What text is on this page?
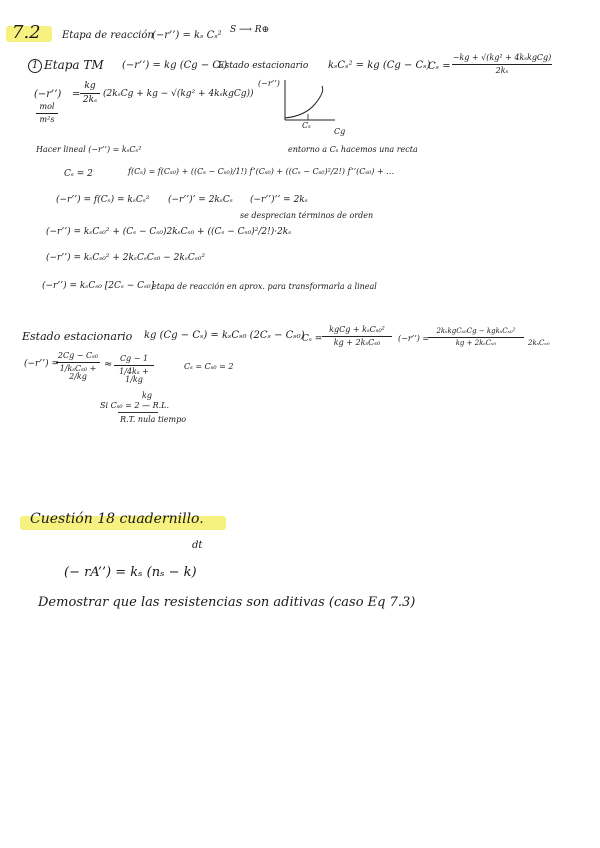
7.2 Etapa de reacción
(−r’’) = kₛ Cₛ² S ⟶ R⊕
1 Etapa TM (−r’’) = kg (Cg − Cₛ)
Estado estacionario kₛCₛ² = kg (Cg − Cₛ)
Cₛ =
−kg + √(kg² + 4kₛkgCg)
2kₛ
(−r’’)
mol
m²s
=
kg
2kₛ
(2kₛCg + kg − √(kg² + 4kₛkgCg))
(−r’’)
Cₛ
Cg
Hacer lineal (−r’’) = kₛCₛ²	entorno a Cₛ hacemos una recta
Cₛ = 2	f(Cₛ) = f(Cₛ₀) + ((Cₛ − Cₛ₀)/1!) f’(Cₛ₀) + ((Cₛ − Cₛ₀)²/2!) f’’(Cₛ₀) + …
(−r’’) = f(Cₛ) = kₛCₛ² (−r’’)’ = 2kₛCₛ (−r’’)’’ = 2kₛ
se desprecian términos de orden
(−r’’) = kₛCₛ₀² + (Cₛ − Cₛ₀)2kₛCₛ₀ + ((Cₛ − Cₛ₀)²/2!)·2kₛ
(−r’’) = kₛCₛ₀² + 2kₛCₛCₛ₀ − 2kₛCₛ₀²
(−r’’) = kₛCₛ₀ [2Cₛ − Cₛ₀]
etapa de reacción en aprox. para transformarla a lineal
Estado estacionario kg (Cg − Cₛ) = kₛCₛ₀ (2Cₛ − Cₛ₀)
Cₛ =
kgCg + kₛCₛ₀²
kg + 2kₛCₛ₀	(−r’’) =
2kₛkgCₛ₀Cg − kgkₛCₛ₀²
kg + 2kₛCₛ₀	2kₛCₛ₀
(−r’’) =
2Cg − Cₛ₀
1/kₛCₛ₀ + 2/kg
≈
Cg − 1
1/4kₛ + 1/kg
Cₛ = Cₛ₀ = 2
kg
Si Cₛ₀ = 2 — R.L.
R.T. nula tiempo
Cuestión 18 cuadernillo.
dt
(− rA’’) = kₛ (nₛ − k)
Demostrar que las resistencias son aditivas (caso Eq 7.3)
